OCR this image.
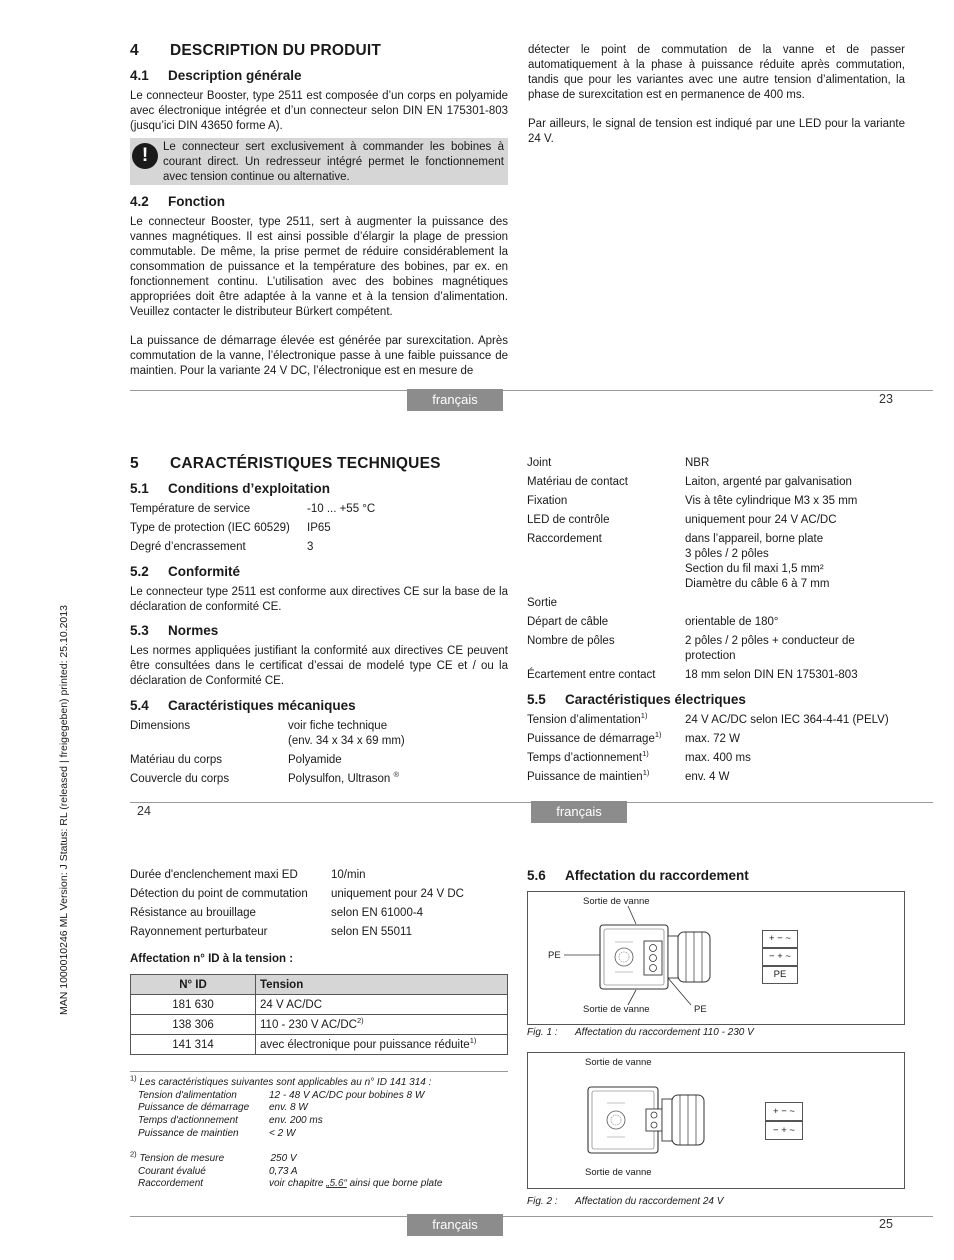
4 DESCRIPTION DU PRODUIT
4.1 Description générale

Le connecteur Booster, type 2511 est composée d’un corps en polyamide avec électronique intégrée et d’un connecteur selon DIN EN 175301-803 (jusqu’ici DIN 43650 forme A).

!	Le connecteur sert exclusivement à commander les bobines à courant direct. Un redresseur intégré permet le fonctionnement avec tension continue ou alternative.
4.2 Fonction

Le connecteur Booster, type 2511, sert à augmenter la puissance des vannes magnétiques. Il est ainsi possible d’élargir la plage de pression commutable. De même, la prise permet de réduire considérablement la consommation de puissance et la température des bobines, par ex. en fonctionnement continu. L’utilisation avec des bobines magnétiques appropriées doit être adaptée à la vanne et à la tension d’alimentation. Veuillez contacter le distributeur Bürkert compétent.

La puissance de démarrage élevée est générée par surexcitation. Après commutation de la vanne, l’électronique passe à une faible puissance de maintien. Pour la variante 24 V DC, l’électronique est en mesure de

détecter le point de commutation de la vanne et de passer automatiquement à la phase à puissance réduite après commutation, tandis que pour les variantes avec une autre tension d’alimentation, la phase de surexcitation est en permanence de 400 ms.

Par ailleurs, le signal de tension est indiqué par une LED pour la variante 24 V.

français	23
5 CARACTÉRISTIQUES TECHNIQUES
5.1 Conditions d’exploitation
Température de service	-10 ... +55 °C
Type de protection (IEC 60529) IP65
Degré d’encrassement	3
5.2 Conformité

Le connecteur type 2511 est conforme aux directives CE sur la base de la déclaration de conformité CE.

5.3 Normes

Les normes appliquées justifiant la conformité aux directives CE peuvent être consultées dans le certificat d’essai de modelé type CE et / ou la déclaration de Conformité CE.

5.4 Caractéristiques mécaniques
Dimensions	voir fiche technique
(env. 34 x 34 x 69 mm)
Matériau du corps	Polyamide
Couvercle du corps	Polysulfon, Ultrason ®
Joint	NBR
Matériau de contact	Laiton, argenté par galvanisation
Fixation	Vis à tête cylindrique M3 x 35 mm
LED de contrôle	uniquement pour 24 V AC/DC
Raccordement	dans l’appareil, borne plate
3 pôles / 2 pôles
Section du fil maxi 1,5 mm²
Diamètre du câble 6 à 7 mm
Sortie
Départ de câble	orientable de 180°
Nombre de pôles	2 pôles / 2 pôles + conducteur de
protection
Écartement entre contact	18 mm selon DIN EN 175301-803
5.5 Caractéristiques électriques
Tension d’alimentation$^{1)}$	24 V AC/DC selon IEC 364-4-41 (PELV)
Puissance de démarrage$^{1)}$ max. 72 W
Temps d’actionnement$^{1)}$	max. 400 ms
Puissance de maintien$^{1)}$	env. 4 W
24	français
Durée d'enclenchement maxi ED	10/min
Détection du point de commutation uniquement pour 24 V DC
Résistance au brouillage	selon EN 61000-4
Rayonnement perturbateur	selon EN 55011
Affectation n° ID à la tension :
N° ID	Tension
181 630	24 V AC/DC
138 306	110 - 230 V AC/DC$^{2)}$
141 314	avec électronique pour puissance réduite$^{1)}$
$^{1)}$ Les caractéristiques suivantes sont applicables au n° ID 141 314 :
Tension d'alimentation	12 - 48 V AC/DC pour bobines 8 W
Puissance de démarrage env. 8 W
Temps d'actionnement	env. 200 ms
Puissance de maintien	< 2 W
$^{2)}$ Tension de mesure	250 V
Courant évalué	0,73 A
Raccordement	voir chapitre „5.6“ ainsi que borne plate
5.6 Affectation du raccordement
Sortie de vanne
PE
Sortie de vanne	PE
+ − ~
− + ~
PE
Fig. 1 : Affectation du raccordement 110 - 230 V
Sortie de vanne
Sortie de vanne
+ − ~
− + ~
Fig. 2 : Affectation du raccordement 24 V
français	25
MAN 1000010246 ML Version: J Status: RL (released | freigegeben) printed: 25.10.2013
